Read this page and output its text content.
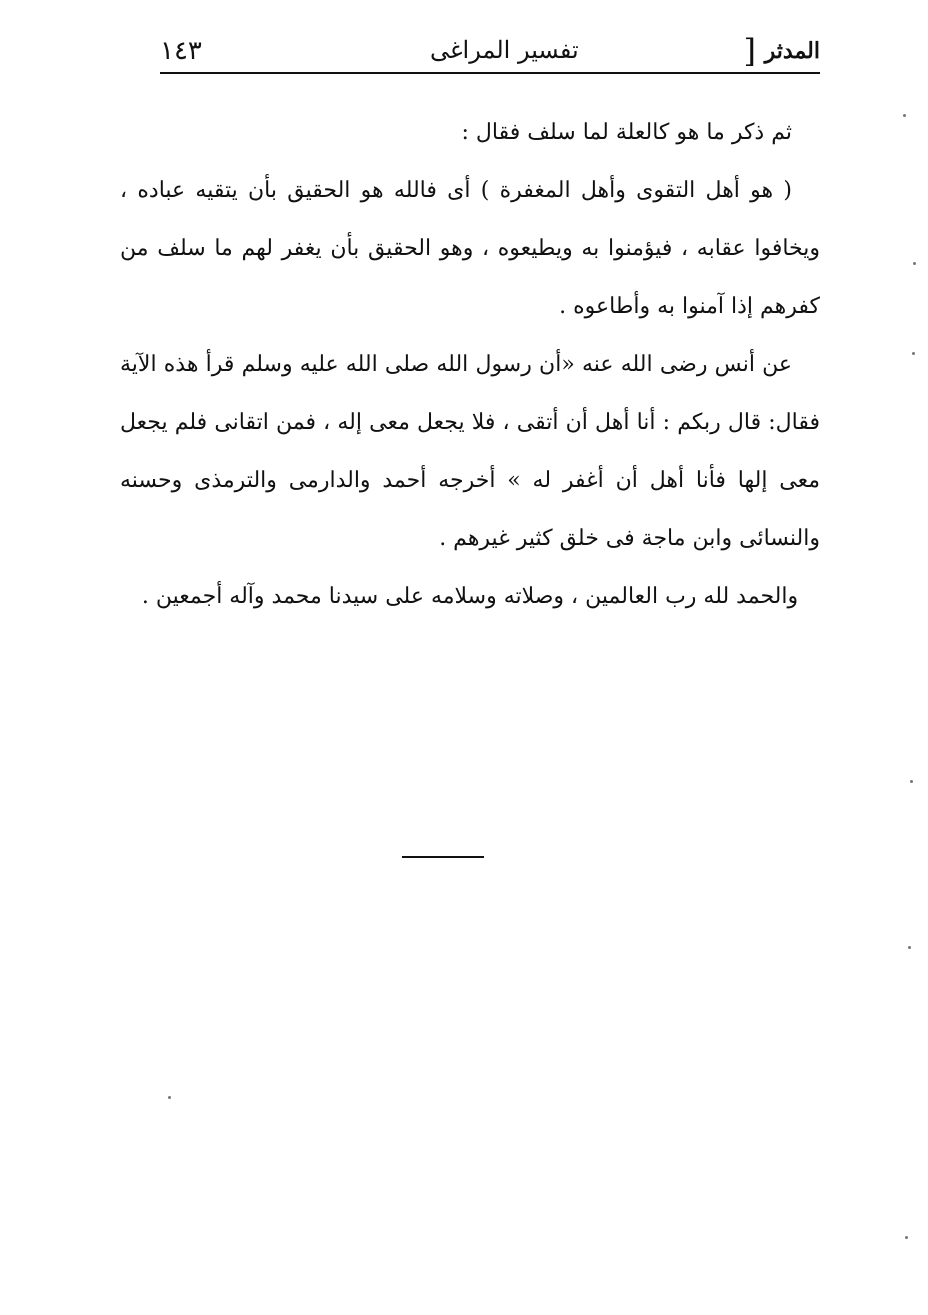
١٤٣	تفسير المراغى	] المدثر

ثم ذكر ما هو كالعلة لما سلف فقال :

( هو أهل التقوى وأهل المغفرة ) أى فالله هو الحقيق بأن يتقيه عباده ، ويخافوا عقابه ، فيؤمنوا به ويطيعوه ، وهو الحقيق بأن يغفر لهم ما سلف من كفرهم إذا آمنوا به وأطاعوه .

عن أنس رضى الله عنه «أن رسول الله صلى الله عليه وسلم قرأ هذه الآية فقال: قال ربكم : أنا أهل أن أتقى ، فلا يجعل معى إله ، فمن اتقانى فلم يجعل معى إلها فأنا أهل أن أغفر له » أخرجه أحمد والدارمى والترمذى وحسنه والنسائى وابن ماجة فى خلق كثير غيرهم .

والحمد لله رب العالمين ، وصلاته وسلامه على سيدنا محمد وآله أجمعين .
